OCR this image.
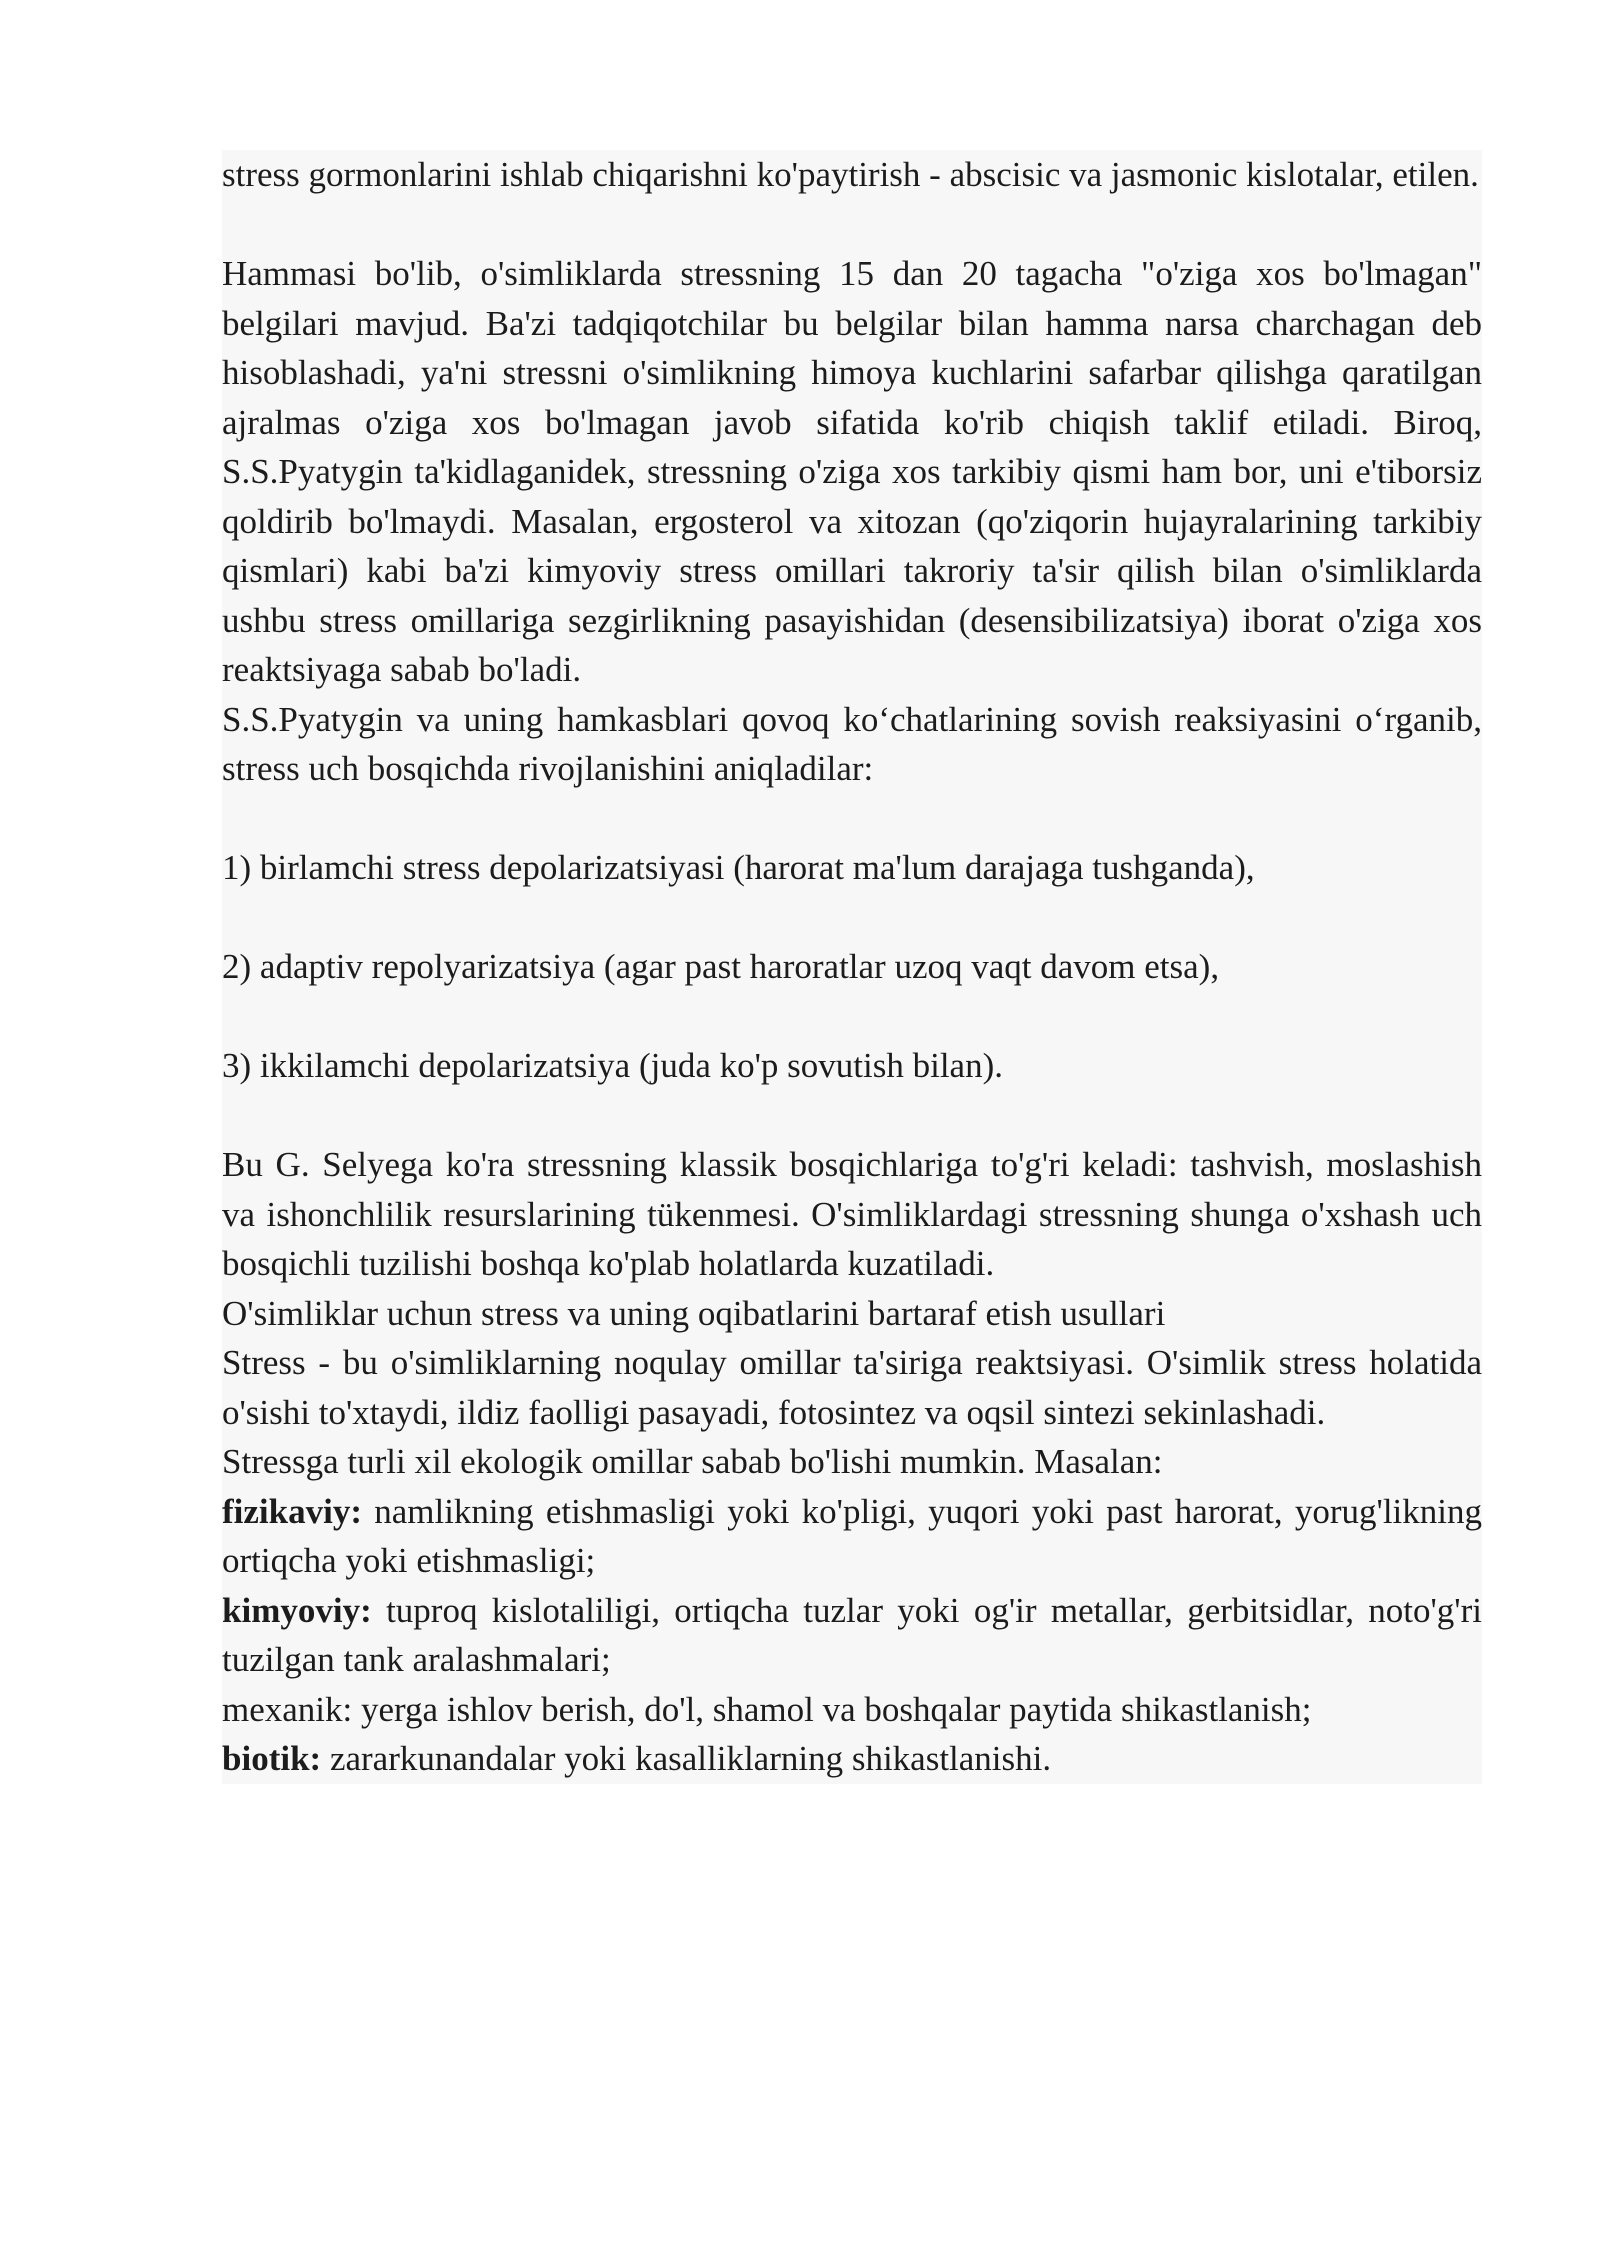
stress gormonlarini ishlab chiqarishni ko'paytirish - abscisic va jasmonic kislotalar, etilen.

Hammasi bo'lib, o'simliklarda stressning 15 dan 20 tagacha "o'ziga xos bo'lmagan" belgilari mavjud. Ba'zi tadqiqotchilar bu belgilar bilan hamma narsa charchagan deb hisoblashadi, ya'ni stressni o'simlikning himoya kuchlarini safarbar qilishga qaratilgan ajralmas o'ziga xos bo'lmagan javob sifatida ko'rib chiqish taklif etiladi. Biroq, S.S.Pyatygin ta'kidlaganidek, stressning o'ziga xos tarkibiy qismi ham bor, uni e'tiborsiz qoldirib bo'lmaydi. Masalan, ergosterol va xitozan (qo'ziqorin hujayralarining tarkibiy qismlari) kabi ba'zi kimyoviy stress omillari takroriy ta'sir qilish bilan o'simliklarda ushbu stress omillariga sezgirlikning pasayishidan (desensibilizatsiya) iborat o'ziga xos reaktsiyaga sabab bo'ladi.

S.S.Pyatygin va uning hamkasblari qovoq ko‘chatlarining sovish reaksiyasini o‘rganib, stress uch bosqichda rivojlanishini aniqladilar:

1) birlamchi stress depolarizatsiyasi (harorat ma'lum darajaga tushganda),

2) adaptiv repolyarizatsiya (agar past haroratlar uzoq vaqt davom etsa),

3) ikkilamchi depolarizatsiya (juda ko'p sovutish bilan).

Bu G. Selyega ko'ra stressning klassik bosqichlariga to'g'ri keladi: tashvish, moslashish va ishonchlilik resurslarining tükenmesi. O'simliklardagi stressning shunga o'xshash uch bosqichli tuzilishi boshqa ko'plab holatlarda kuzatiladi.

O'simliklar uchun stress va uning oqibatlarini bartaraf etish usullari

Stress - bu o'simliklarning noqulay omillar ta'siriga reaktsiyasi. O'simlik stress holatida o'sishi to'xtaydi, ildiz faolligi pasayadi, fotosintez va oqsil sintezi sekinlashadi.

Stressga turli xil ekologik omillar sabab bo'lishi mumkin. Masalan:

fizikaviy: namlikning etishmasligi yoki ko'pligi, yuqori yoki past harorat, yorug'likning ortiqcha yoki etishmasligi;

kimyoviy: tuproq kislotaliligi, ortiqcha tuzlar yoki og'ir metallar, gerbitsidlar, noto'g'ri tuzilgan tank aralashmalari;

mexanik: yerga ishlov berish, do'l, shamol va boshqalar paytida shikastlanish;

biotik: zararkunandalar yoki kasalliklarning shikastlanishi.
